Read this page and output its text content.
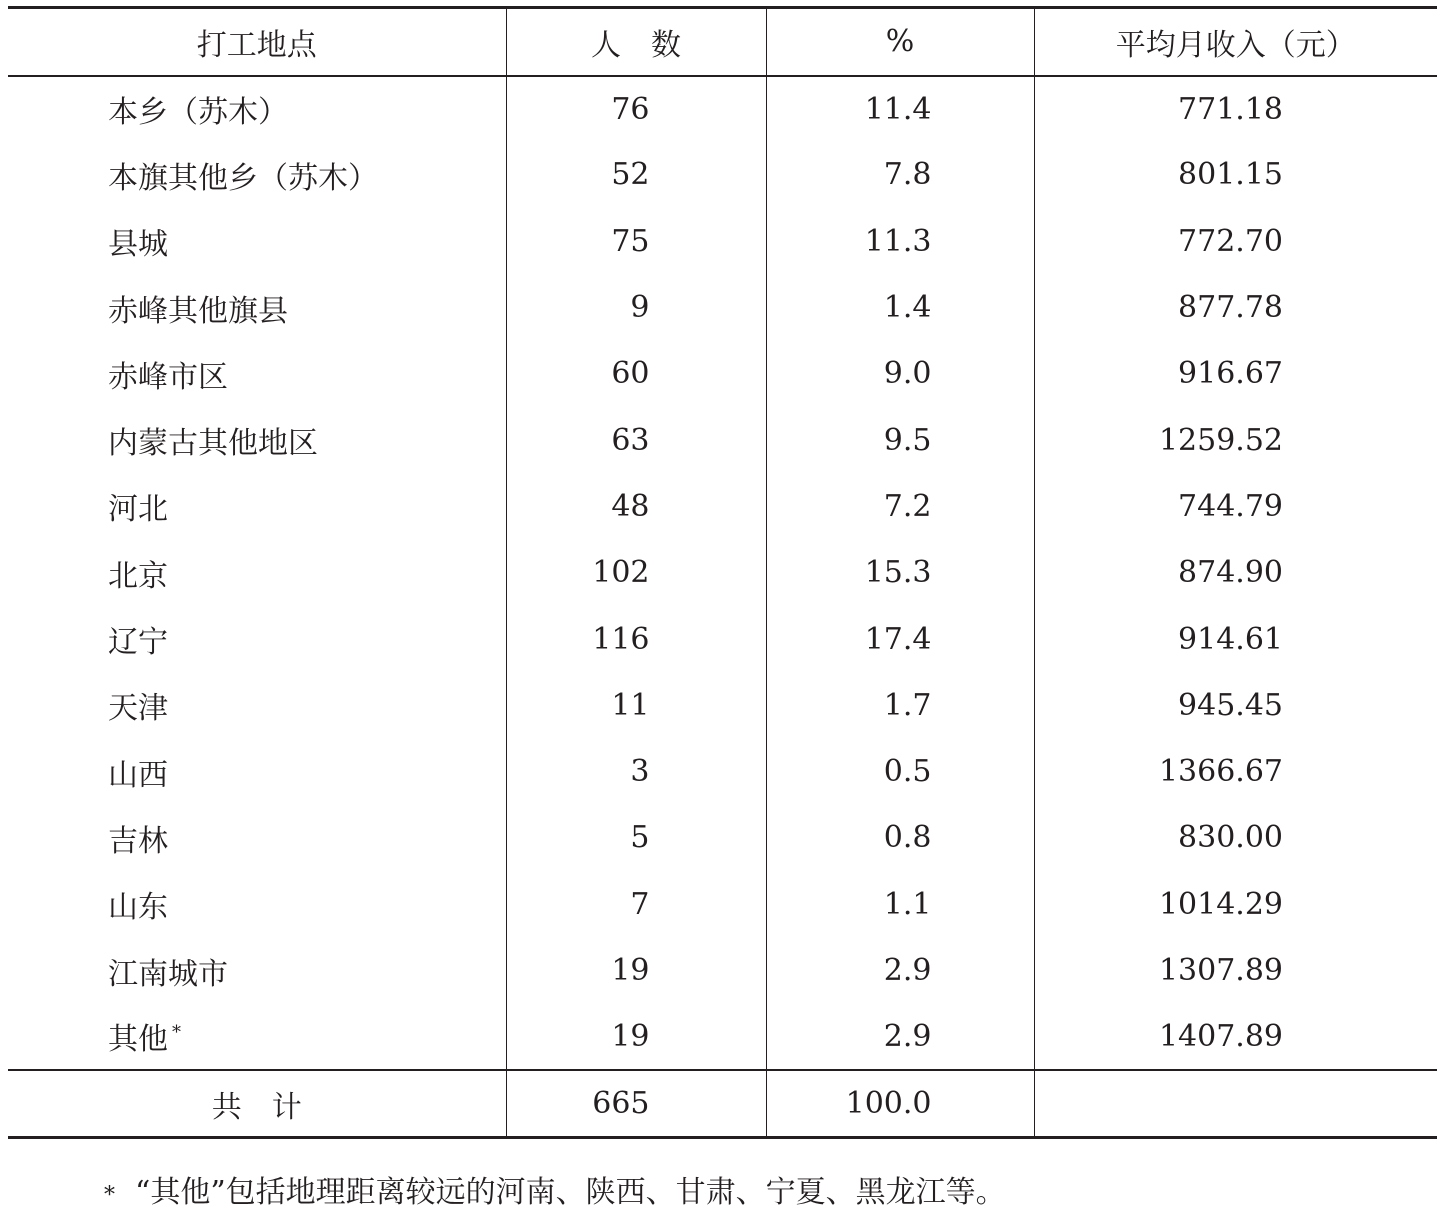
打工地点	人　数	%	平均月收入（元）
本乡（苏木）	76	11.4	771.18
本旗其他乡（苏木）	52	7.8	801.15
县城	75	11.3	772.70
赤峰其他旗县	9	1.4	877.78
赤峰市区	60	9.0	916.67
内蒙古其他地区	63	9.5	1259.52
河北	48	7.2	744.79
北京	102	15.3	874.90
辽宁	116	17.4	914.61
天津	11	1.7	945.45
山西	3	0.5	1366.67
吉林	5	0.8	830.00
山东	7	1.1	1014.29
江南城市	19	2.9	1307.89
其他 *	19	2.9	1407.89
共　计	665	100.0	
* “其他”包括地理距离较远的河南、陕西、甘肃、宁夏、黑龙江等。
